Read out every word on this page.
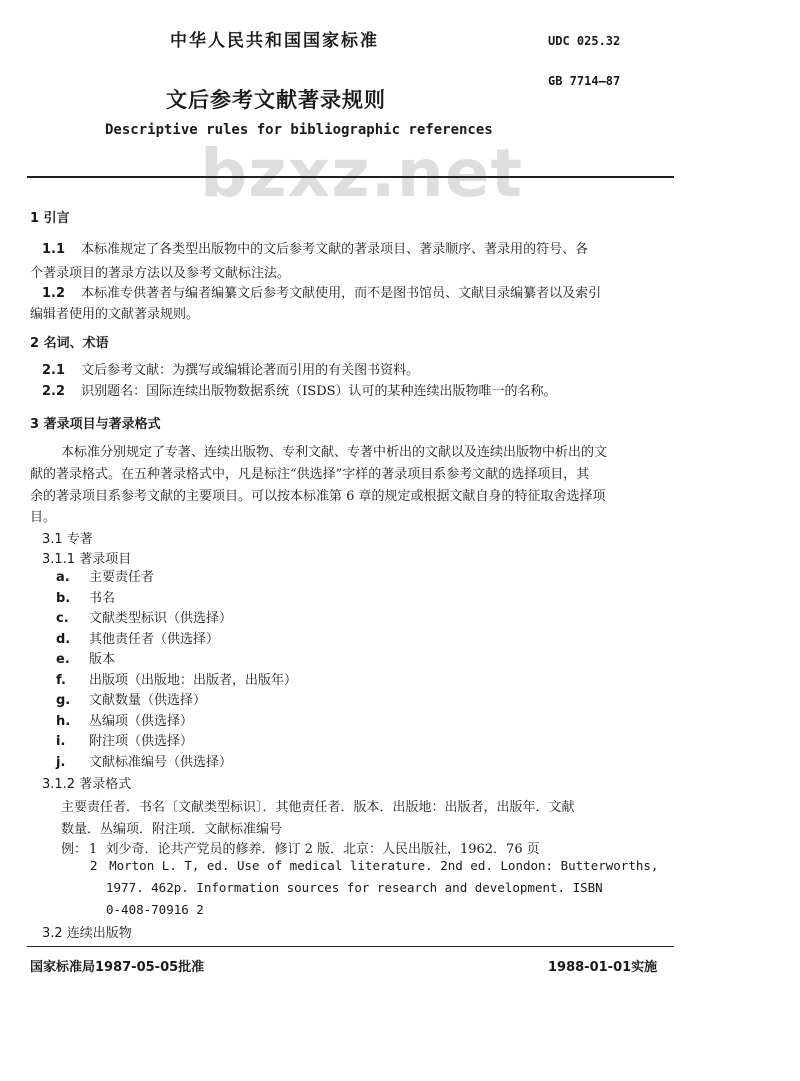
中华人民共和国国家标准	UDC 025.32
文后参考文献著录规则
GB 7714—87
Descriptive rules for bibliographic references
bzxz.net
1 引言
1.1 本标准规定了各类型出版物中的文后参考文献的著录项目、著录顺序、著录用的符号、各
个著录项目的著录方法以及参考文献标注法。
1.2 本标准专供著者与编者编纂文后参考文献使用，而不是图书馆员、文献目录编纂者以及索引
编辑者使用的文献著录规则。
2 名词、术语
2.1 文后参考文献：为撰写或编辑论著而引用的有关图书资料。
2.2 识别题名：国际连续出版物数据系统（ISDS）认可的某种连续出版物唯一的名称。
3 著录项目与著录格式
本标准分别规定了专著、连续出版物、专利文献、专著中析出的文献以及连续出版物中析出的文
献的著录格式。在五种著录格式中，凡是标注“供选择”字样的著录项目系参考文献的选择项目，其
余的著录项目系参考文献的主要项目。可以按本标准第 6 章的规定或根据文献自身的特征取舍选择项
目。
3.1 专著
3.1.1 著录项目
a. 主要责任者
b. 书名
c. 文献类型标识（供选择）
d. 其他责任者（供选择）
e. 版本
f. 出版项（出版地：出版者，出版年）
g. 文献数量（供选择）
h. 丛编项（供选择）
i. 附注项（供选择）
j. 文献标准编号（供选择）
3.1.2 著录格式
主要责任者．书名〔文献类型标识〕．其他责任者．版本．出版地：出版者，出版年．文献
数量．丛编项．附注项．文献标准编号
例： 1 刘少奇．论共产党员的修养．修订 2 版．北京：人民出版社，1962．76 页
2 Morton L. T, ed. Use of medical literature. 2nd ed. London: Butterworths,
1977. 462p. Information sources for research and development. ISBN
0-408-70916 2
3.2 连续出版物
国家标准局1987-05-05批准	1988-01-01实施
